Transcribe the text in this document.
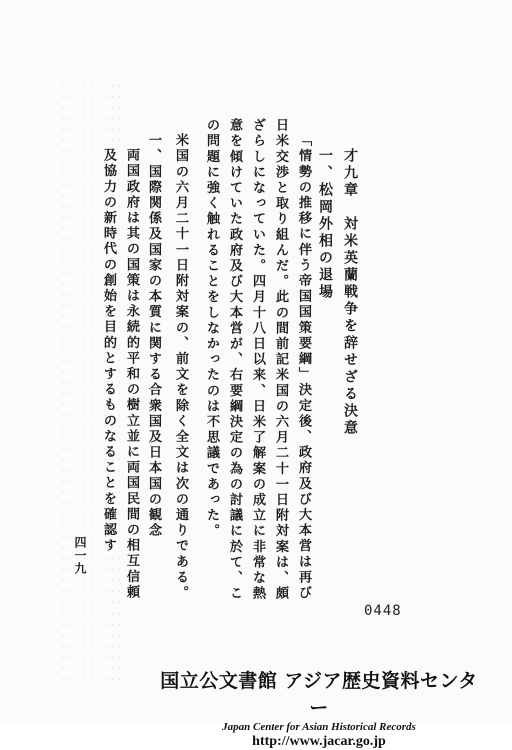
才九章　対米英蘭戦争を辞せざる決意
一、松岡外相の退場
「情勢の推移に伴う帝国国策要綱」決定後、政府及び大本営は再び
日米交渉と取り組んだ。此の間前記米国の六月二十一日附対案は、頗
ざらしになっていた。四月十八日以来、日米了解案の成立に非常な熱
意を傾けていた政府及び大本営が、右要綱決定の為の討議に於て、こ
の問題に強く触れることをしなかったのは不思議であった。
米国の六月二十一日附対案の、前文を除く全文は次の通りである。
一、国際関係及国家の本質に関する合衆国及日本国の観念
両国政府は其の国策は永続的平和の樹立並に両国民間の相互信頼
及協力の新時代の創始を目的とするものなることを確認す
四一九
0448
国立公文書館 アジア歴史資料センター
Japan Center for Asian Historical Records
http://www.jacar.go.jp
